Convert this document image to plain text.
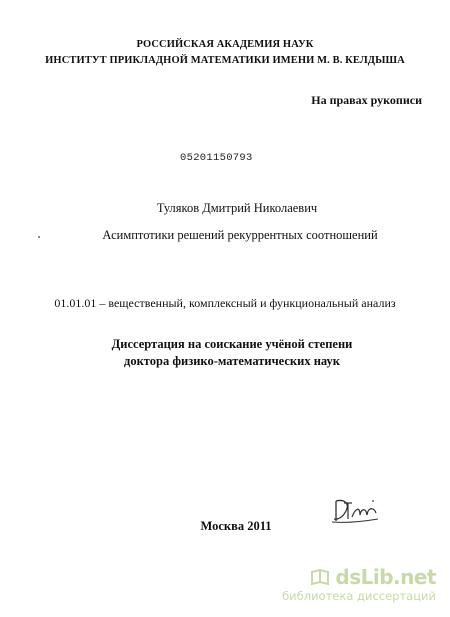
РОССИЙСКАЯ АКАДЕМИЯ НАУК
ИНСТИТУТ ПРИКЛАДНОЙ МАТЕМАТИКИ ИМЕНИ М. В. КЕЛДЫША
На правах рукописи
05201150793
Туляков Дмитрий Николаевич
Асимптотики решений рекуррентных соотношений
01.01.01 – вещественный, комплексный и функциональный анализ
Диссертация на соискание учёной степени
доктора физико-математических наук
Москва 2011
dsLib.net
библиотека диссертаций
